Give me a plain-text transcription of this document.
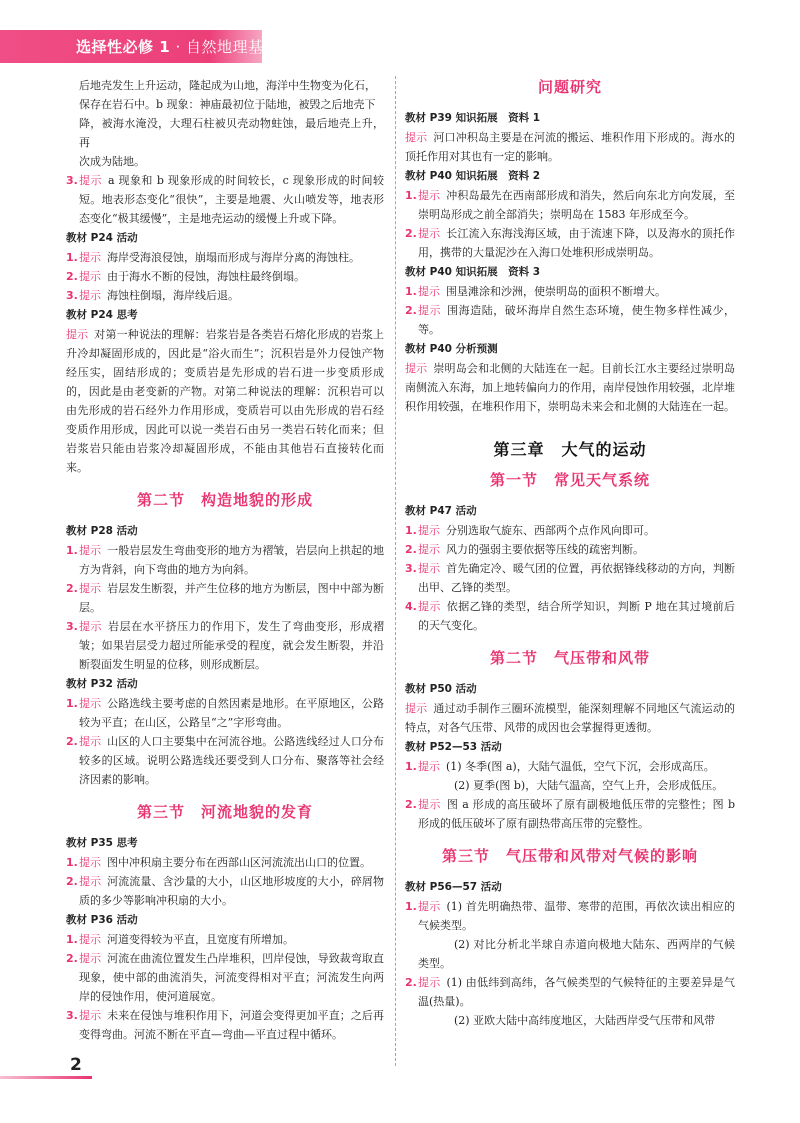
选择性必修 1 · 自然地理基础

后地壳发生上升运动，隆起成为山地，海洋中生物变为化石，

保存在岩石中。b 现象：神庙最初位于陆地，被毁之后地壳下

降，被海水淹没，大理石柱被贝壳动物蛀蚀，最后地壳上升，再

次成为陆地。

3. 提示 a 现象和 b 现象形成的时间较长，c 现象形成的时间较短。地表形态变化“很快”，主要是地震、火山喷发等，地表形态变化“极其缓慢”，主是地壳运动的缓慢上升或下降。

教材 P24 活动

1. 提示 海岸受海浪侵蚀，崩塌而形成与海岸分离的海蚀柱。

2. 提示 由于海水不断的侵蚀，海蚀柱最终倒塌。

3. 提示 海蚀柱倒塌，海岸线后退。

教材 P24 思考

提示 对第一种说法的理解：岩浆岩是各类岩石熔化形成的岩浆上升冷却凝固形成的，因此是“浴火而生”；沉积岩是外力侵蚀产物经压实，固结形成的；变质岩是先形成的岩石进一步变质形成的，因此是由老变新的产物。对第二种说法的理解：沉积岩可以由先形成的岩石经外力作用形成，变质岩可以由先形成的岩石经变质作用形成，因此可以说一类岩石由另一类岩石转化而来；但岩浆岩只能由岩浆冷却凝固形成，不能由其他岩石直接转化而来。

第二节　构造地貌的形成
教材 P28 活动

1. 提示 一般岩层发生弯曲变形的地方为褶皱，岩层向上拱起的地方为背斜，向下弯曲的地方为向斜。

2. 提示 岩层发生断裂，并产生位移的地方为断层，图中中部为断层。

3. 提示 岩层在水平挤压力的作用下，发生了弯曲变形，形成褶皱；如果岩层受力超过所能承受的程度，就会发生断裂，并沿断裂面发生明显的位移，则形成断层。

教材 P32 活动

1. 提示 公路选线主要考虑的自然因素是地形。在平原地区，公路较为平直；在山区，公路呈“之”字形弯曲。

2. 提示 山区的人口主要集中在河流谷地。公路选线经过人口分布较多的区域。说明公路选线还要受到人口分布、聚落等社会经济因素的影响。

第三节　河流地貌的发育
教材 P35 思考

1. 提示 图中冲积扇主要分布在西部山区河流流出山口的位置。

2. 提示 河流流量、含沙量的大小，山区地形坡度的大小，碎屑物质的多少等影响冲积扇的大小。

教材 P36 活动

1. 提示 河道变得较为平直，且宽度有所增加。

2. 提示 河流在曲流位置发生凸岸堆积，凹岸侵蚀，导致裁弯取直现象，使中部的曲流消失，河流变得相对平直；河流发生向两岸的侵蚀作用，使河道展宽。

3. 提示 未来在侵蚀与堆积作用下，河道会变得更加平直；之后再变得弯曲。河流不断在平直—弯曲—平直过程中循环。

问题研究
教材 P39 知识拓展　资料 1

提示 河口冲积岛主要是在河流的搬运、堆积作用下形成的。海水的顶托作用对其也有一定的影响。

教材 P40 知识拓展　资料 2

1. 提示 冲积岛最先在西南部形成和消失，然后向东北方向发展，至崇明岛形成之前全部消失；崇明岛在 1583 年形成至今。

2. 提示 长江流入东海浅海区域，由于流速下降，以及海水的顶托作用，携带的大量泥沙在入海口处堆积形成崇明岛。

教材 P40 知识拓展　资料 3

1. 提示 围垦滩涂和沙洲，使崇明岛的面积不断增大。

2. 提示 围海造陆，破坏海岸自然生态环境，使生物多样性减少，等。

教材 P40 分析预测

提示 崇明岛会和北侧的大陆连在一起。目前长江水主要经过崇明岛南侧流入东海，加上地转偏向力的作用，南岸侵蚀作用较强，北岸堆积作用较强，在堆积作用下，崇明岛未来会和北侧的大陆连在一起。

第三章　大气的运动
第一节　常见天气系统
教材 P47 活动

1. 提示 分别选取气旋东、西部两个点作风向即可。

2. 提示 风力的强弱主要依据等压线的疏密判断。

3. 提示 首先确定冷、暖气团的位置，再依据锋线移动的方向，判断出甲、乙锋的类型。

4. 提示 依据乙锋的类型，结合所学知识，判断 P 地在其过境前后的天气变化。

第二节　气压带和风带
教材 P50 活动

提示 通过动手制作三圈环流模型，能深刻理解不同地区气流运动的特点，对各气压带、风带的成因也会掌握得更透彻。

教材 P52—53 活动

1. 提示 (1) 冬季(图 a)，大陆气温低，空气下沉，会形成高压。

(2) 夏季(图 b)，大陆气温高，空气上升，会形成低压。

2. 提示 图 a 形成的高压破坏了原有副极地低压带的完整性；图 b 形成的低压破坏了原有副热带高压带的完整性。

第三节　气压带和风带对气候的影响
教材 P56—57 活动

1. 提示 (1) 首先明确热带、温带、寒带的范围，再依次读出相应的气候类型。

(2) 对比分析北半球自赤道向极地大陆东、西两岸的气候类型。

2. 提示 (1) 由低纬到高纬，各气候类型的气候特征的主要差异是气温(热量)。

(2) 亚欧大陆中高纬度地区，大陆西岸受气压带和风带

2
